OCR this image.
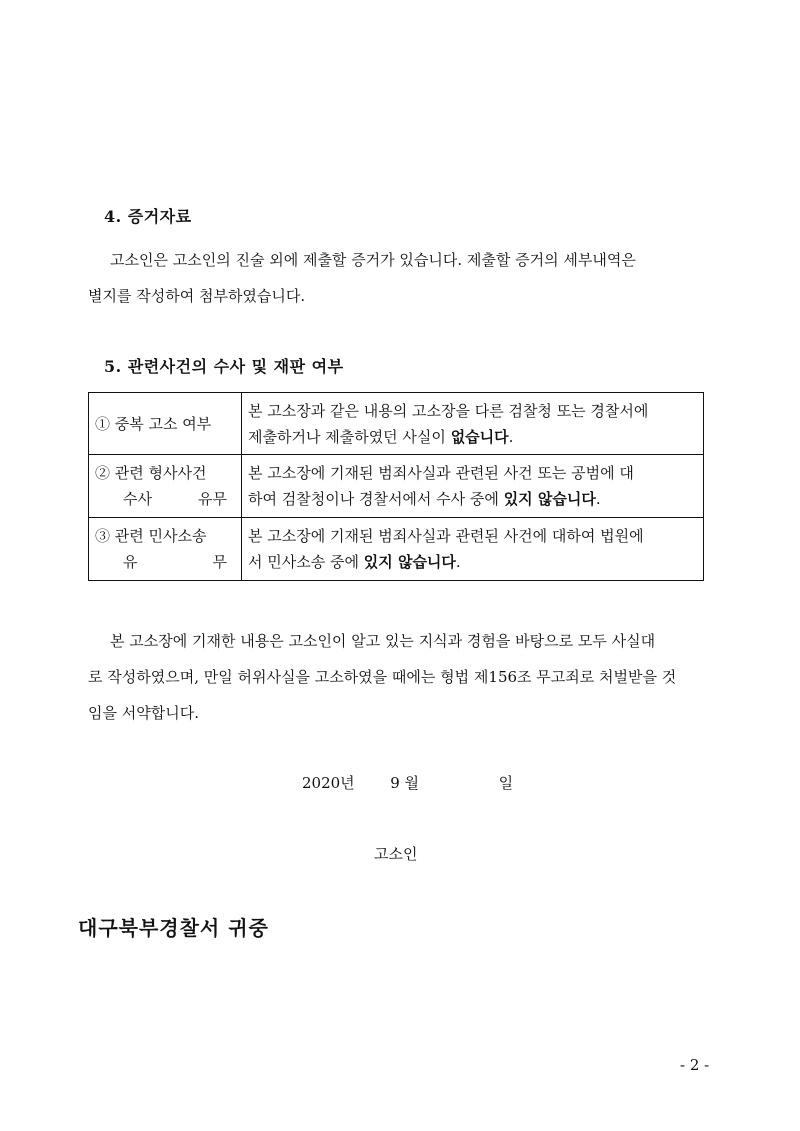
4. 증거자료
고소인은 고소인의 진술 외에 제출할 증거가 있습니다. 제출할 증거의 세부내역은
별지를 작성하여 첨부하였습니다.
5. 관련사건의 수사 및 재판 여부
① 중복 고소 여부	본 고소장과 같은 내용의 고소장을 다른 검찰청 또는 경찰서에
제출하거나 제출하였던 사실이 없습니다.

② 관련 형사사건
수사 유무	본 고소장에 기재된 범죄사실과 관련된 사건 또는 공범에 대
하여 검찰청이나 경찰서에서 수사 중에 있지 않습니다.

③ 관련 민사소송
유 무	본 고소장에 기재된 범죄사실과 관련된 사건에 대하여 법원에
서 민사소송 중에 있지 않습니다.
본 고소장에 기재한 내용은 고소인이 알고 있는 지식과 경험을 바탕으로 모두 사실대
로 작성하였으며, 만일 허위사실을 고소하였을 때에는 형법 제156조 무고죄로 처벌받을 것
임을 서약합니다.
2020년 9 월	일
고소인
대구북부경찰서 귀중
- 2 -
